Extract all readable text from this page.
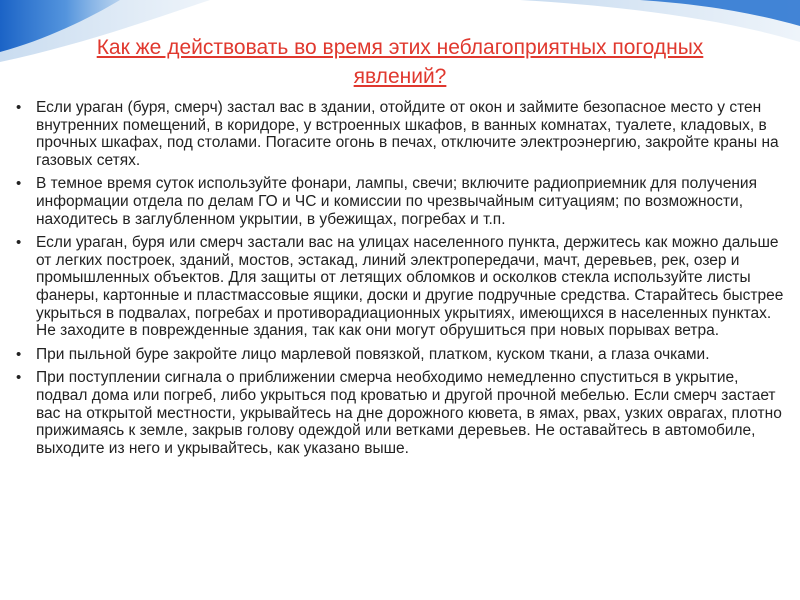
Как же действовать во время этих неблагоприятных погодных явлений?
• Если ураган (буря, смерч) застал вас в здании, отойдите от окон и займите безопасное место у стен внутренних помещений, в коридоре, у встроенных шкафов, в ванных комнатах, туалете, кладовых, в прочных шкафах, под столами. Погасите огонь в печах, отключите электроэнергию, закройте краны на газовых сетях.
• В темное время суток используйте фонари, лампы, свечи; включите радиоприемник для получения информации отдела по делам ГО и ЧС и комиссии по чрезвычайным ситуациям; по возможности, находитесь в заглубленном укрытии, в убежищах, погребах и т.п.
• Если ураган, буря или смерч застали вас на улицах населенного пункта, держитесь как можно дальше от легких построек, зданий, мостов, эстакад, линий электропередачи, мачт, деревьев, рек, озер и промышленных объектов. Для защиты от летящих обломков и осколков стекла используйте листы фанеры, картонные и пластмассовые ящики, доски и другие подручные средства. Старайтесь быстрее укрыться в подвалах, погребах и противорадиационных укрытиях, имеющихся в населенных пунктах. Не заходите в поврежденные здания, так как они могут обрушиться при новых порывах ветра.
• При пыльной буре закройте лицо марлевой повязкой, платком, куском ткани, а глаза очками.
• При поступлении сигнала о приближении смерча необходимо немедленно спуститься в укрытие, подвал дома или погреб, либо укрыться под кроватью и другой прочной мебелью. Если смерч застает вас на открытой местности, укрывайтесь на дне дорожного кювета, в ямах, рвах, узких оврагах, плотно прижимаясь к земле, закрыв голову одеждой или ветками деревьев. Не оставайтесь в автомобиле, выходите из него и укрывайтесь, как указано выше.
